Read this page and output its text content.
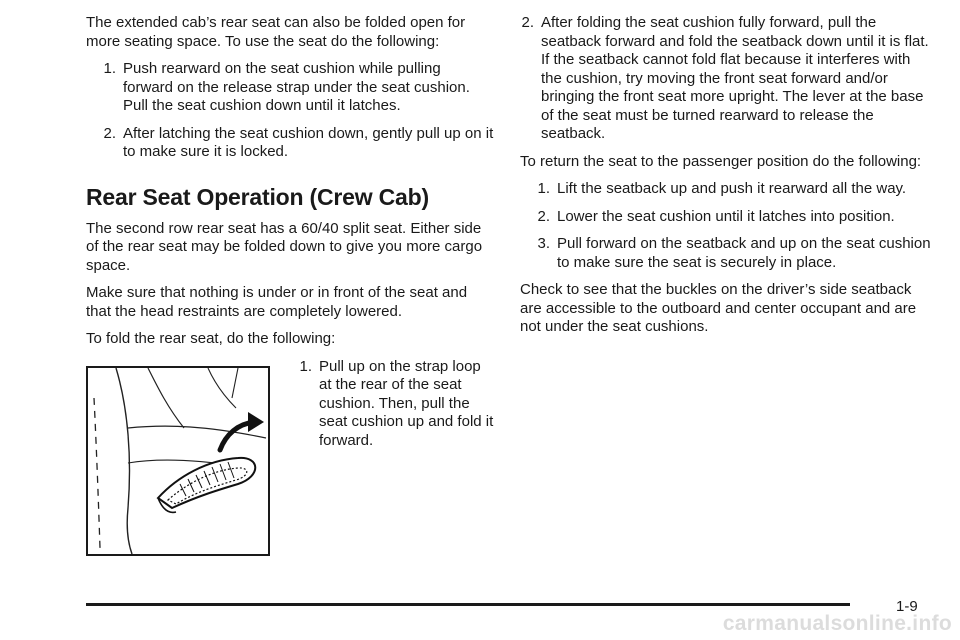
The extended cab’s rear seat can also be folded open for more seating space. To use the seat do the following:

1. Push rearward on the seat cushion while pulling forward on the release strap under the seat cushion. Pull the seat cushion down until it latches.
2. After latching the seat cushion down, gently pull up on it to make sure it is locked.
Rear Seat Operation (Crew Cab)

The second row rear seat has a 60/40 split seat. Either side of the rear seat may be folded down to give you more cargo space.

Make sure that nothing is under or in front of the seat and that the head restraints are completely lowered.

To fold the rear seat, do the following:

1. Pull up on the strap loop at the rear of the seat cushion. Then, pull the seat cushion up and fold it forward.
2. After folding the seat cushion fully forward, pull the seatback forward and fold the seatback down until it is flat. If the seatback cannot fold flat because it interferes with the cushion, try moving the front seat forward and/or bringing the front seat more upright. The lever at the base of the seat must be turned rearward to release the seatback.

To return the seat to the passenger position do the following:

1. Lift the seatback up and push it rearward all the way.
2. Lower the seat cushion until it latches into position.
3. Pull forward on the seatback and up on the seat cushion to make sure the seat is securely in place.

Check to see that the buckles on the driver’s side seatback are accessible to the outboard and center occupant and are not under the seat cushions.

1-9
carmanualsonline.info
